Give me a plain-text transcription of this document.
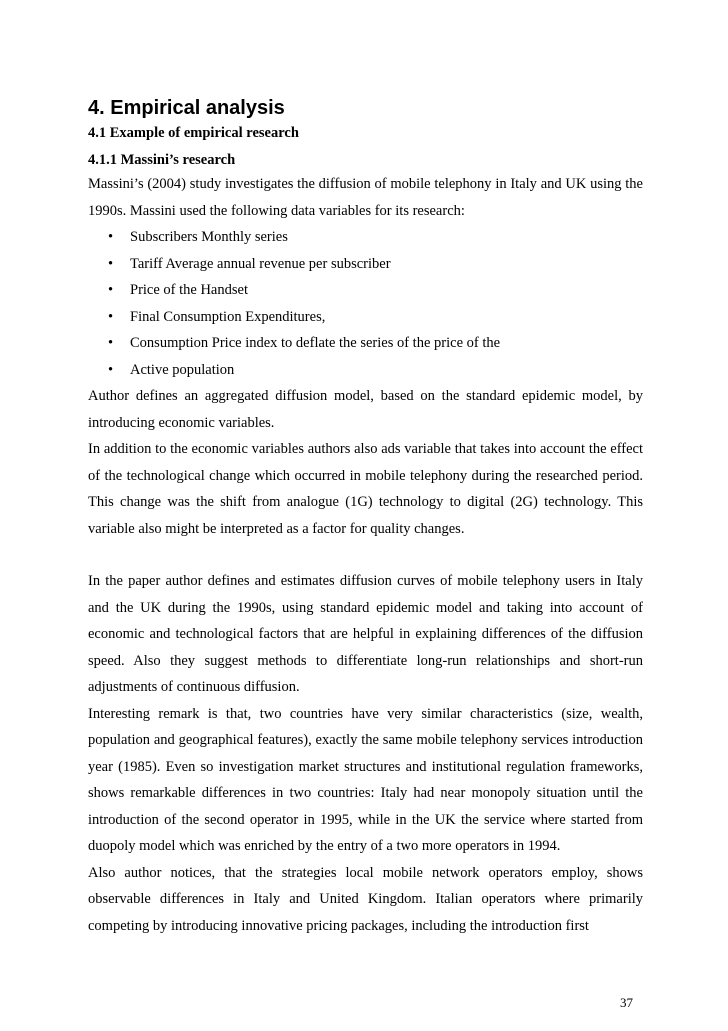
4. Empirical analysis
4.1 Example of empirical research
4.1.1 Massini’s research

Massini’s (2004) study investigates the diffusion of mobile telephony in Italy and UK using the 1990s. Massini used the following data variables for its research:

• Subscribers Monthly series
• Tariff Average annual revenue per subscriber
• Price of the Handset
• Final Consumption Expenditures,
• Consumption Price index to deflate the series of the price of the
• Active population

Author defines an aggregated diffusion model, based on the standard epidemic model, by introducing economic variables.

In addition to the economic variables authors also ads variable that takes into account the effect of the technological change which occurred in mobile telephony during the researched period. This change was the shift from analogue (1G) technology to digital (2G) technology. This variable also might be interpreted as a factor for quality changes.

In the paper author defines and estimates diffusion curves of mobile telephony users in Italy and the UK during the 1990s, using standard epidemic model and taking into account of economic and technological factors that are helpful in explaining differences of the diffusion speed. Also they suggest methods to differentiate long-run relationships and short-run adjustments of continuous diffusion.

Interesting remark is that, two countries have very similar characteristics (size, wealth, population and geographical features), exactly the same mobile telephony services introduction year (1985). Even so investigation market structures and institutional regulation frameworks, shows remarkable differences in two countries: Italy had near monopoly situation until the introduction of the second operator in 1995, while in the UK the service where started from duopoly model which was enriched by the entry of a two more operators in 1994.

Also author notices, that the strategies local mobile network operators employ, shows observable differences in Italy and United Kingdom. Italian operators where primarily competing by introducing innovative pricing packages, including the introduction first

37
